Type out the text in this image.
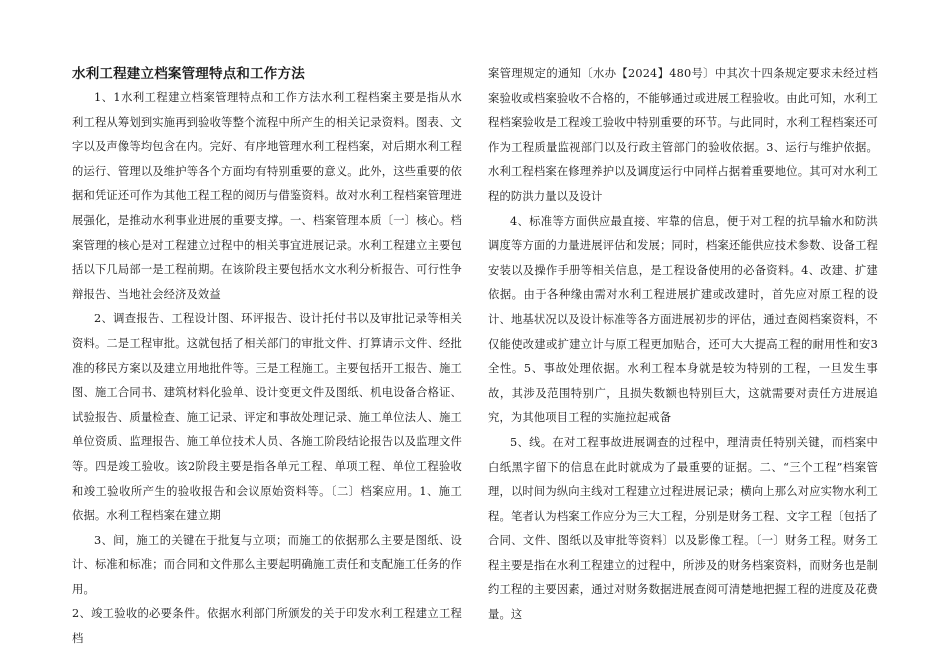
水利工程建立档案管理特点和工作方法

1、1水利工程建立档案管理特点和工作方法水利工程档案主要是指从水利工程从筹划到实施再到验收等整个流程中所产生的相关记录资料。图表、文字以及声像等均包含在内。完好、有序地管理水利工程档案，对后期水利工程的运行、管理以及维护等各个方面均有特别重要的意义。此外，这些重要的依据和凭证还可作为其他工程工程的阅历与借鉴资料。故对水利工程档案管理进展强化，是推动水利事业进展的重要支撑。一、档案管理本质〔一〕核心。档案管理的核心是对工程建立过程中的相关事宜进展记录。水利工程建立主要包括以下几局部一是工程前期。在该阶段主要包括水文水利分析报告、可行性争辩报告、当地社会经济及效益

2、调查报告、工程设计图、环评报告、设计托付书以及审批记录等相关资料。二是工程审批。这就包括了相关部门的审批文件、打算请示文件、经批准的移民方案以及建立用地批件等。三是工程施工。主要包括开工报告、施工图、施工合同书、建筑材料化验单、设计变更文件及图纸、机电设备合格证、试验报告、质量检查、施工记录、评定和事故处理记录、施工单位法人、施工单位资质、监理报告、施工单位技术人员、各施工阶段结论报告以及监理文件等。四是竣工验收。该2阶段主要是指各单元工程、单项工程、单位工程验收和竣工验收所产生的验收报告和会议原始资料等。〔二〕档案应用。1、施工依据。水利工程档案在建立期

3、间，施工的关键在于批复与立项；而施工的依据那么主要是图纸、设计、标准和标准；而合同和文件那么主要起明确施工责任和支配施工任务的作用。

2、竣工验收的必要条件。依据水利部门所颁发的关于印发水利工程建立工程档

案管理规定的通知〔水办【2024】480号〕中其次十四条规定要求未经过档案验收或档案验收不合格的，不能够通过或进展工程验收。由此可知，水利工程档案验收是工程竣工验收中特别重要的环节。与此同时，水利工程档案还可作为工程质量监视部门以及行政主管部门的验收依据。3、运行与维护依据。水利工程档案在修理养护以及调度运行中同样占据着重要地位。其可对水利工程的防洪力量以及设计

4、标准等方面供应最直接、牢靠的信息，便于对工程的抗旱输水和防洪调度等方面的力量进展评估和发展；同时，档案还能供应技术参数、设备工程安装以及操作手册等相关信息，是工程设备使用的必备资料。4、改建、扩建依据。由于各种缘由需对水利工程进展扩建或改建时，首先应对原工程的设计、地基状况以及设计标准等各方面进展初步的评估，通过查阅档案资料，不仅能使改建或扩建立计与原工程更加贴合，还可大大提高工程的耐用性和安3全性。5、事故处理依据。水利工程本身就是较为特别的工程，一旦发生事故，其涉及范围特别广，且损失数额也特别巨大，这就需要对责任方进展追究，为其他项目工程的实施拉起戒备

5、线。在对工程事故进展调查的过程中，理清责任特别关键，而档案中白纸黑字留下的信息在此时就成为了最重要的证据。二、“三个工程”档案管理，以时间为纵向主线对工程建立过程进展记录；横向上那么对应实物水利工程。笔者认为档案工作应分为三大工程，分别是财务工程、文字工程〔包括了合同、文件、图纸以及审批等资料〕以及影像工程。〔一〕财务工程。财务工程主要是指在水利工程建立的过程中，所涉及的财务档案资料，而财务也是制约工程的主要因素，通过对财务数据进展查阅可清楚地把握工程的进度及花费量。这
